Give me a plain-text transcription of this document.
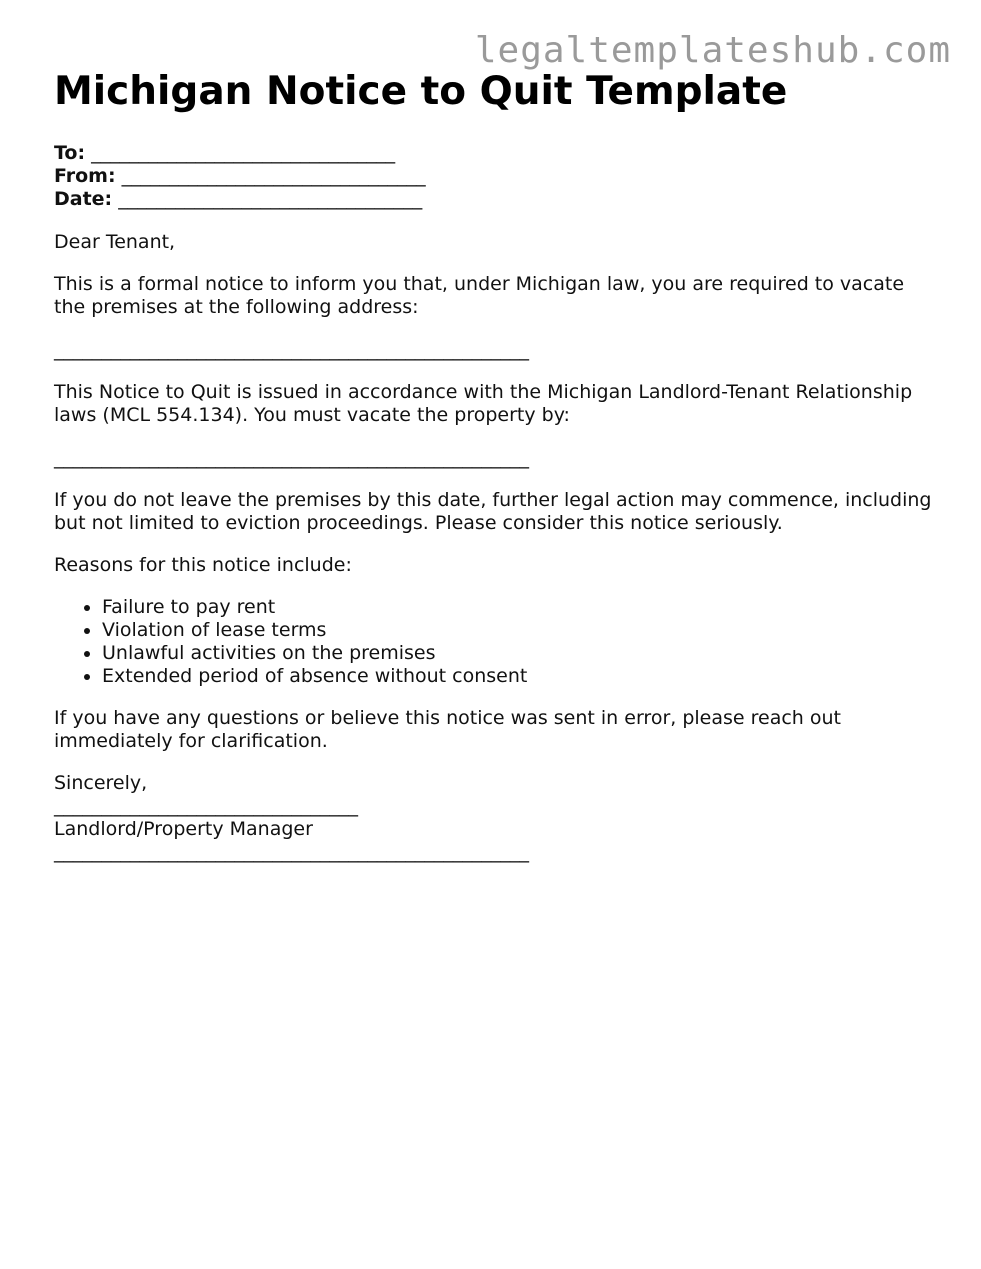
legaltemplateshub.com
Michigan Notice to Quit Template
To: ________________________________
From: ________________________________
Date: ________________________________

Dear Tenant,

This is a formal notice to inform you that, under Michigan law, you are required to vacate the premises at the following address:

__________________________________________________

This Notice to Quit is issued in accordance with the Michigan Landlord-Tenant Relationship laws (MCL 554.134). You must vacate the property by:

__________________________________________________

If you do not leave the premises by this date, further legal action may commence, including but not limited to eviction proceedings. Please consider this notice seriously.

Reasons for this notice include:

• Failure to pay rent
• Violation of lease terms
• Unlawful activities on the premises
• Extended period of absence without consent

If you have any questions or believe this notice was sent in error, please reach out immediately for clarification.

Sincerely,
________________________________
Landlord/Property Manager
__________________________________________________
